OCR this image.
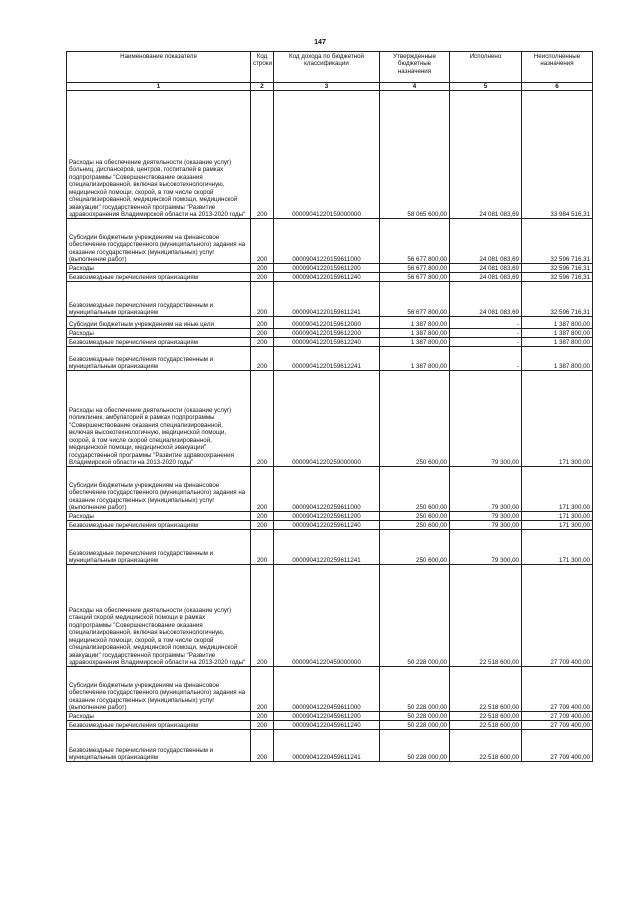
147
Наименование показателя	Код строки	Код дохода по бюджетной классификации	Утвержденные бюджетные назначения	Исполнено	Неисполненные назначения
1	2	3	4	5	6
Расходы на обеспечение деятельности (оказание услуг) больниц, диспансеров, центров, госпиталей в рамках подпрограммы "Совершенствование оказания специализированной, включая высокотехнологичную, медицинской помощи, скорой, в том числе скорой специализированной, медицинской помощи, медицинской эвакуации" государственной программы "Развитие здравоохранения Владимирской области на 2013-2020 годы"	200	00009041220159000000	58 065 600,00	24 081 083,69	33 984 516,31
Субсидии бюджетным учреждениям на финансовое обеспечение государственного (муниципального) задания на оказание государственных (муниципальных) услуг (выполнение работ)	200	00009041220159611000	56 677 800,00	24 081 083,69	32 596 716,31
Расходы	200	00009041220159611200	56 677 800,00	24 081 083,69	32 596 716,31
Безвозмездные перечисления организациям	200	00009041220159611240	56 677 800,00	24 081 083,69	32 596 716,31
Безвозмездные перечисления государственным и муниципальным организациям	200	00009041220159611241	56 677 800,00	24 081 083,69	32 596 716,31
Субсидии бюджетным учреждениям на иные цели	200	00009041220159612000	1 387 800,00	-	1 387 800,00
Расходы	200	00009041220159612200	1 387 800,00	-	1 387 800,00
Безвозмездные перечисления организациям	200	00009041220159612240	1 387 800,00	-	1 387 800,00
Безвозмездные перечисления государственным и муниципальным организациям	200	00009041220159612241	1 387 800,00	-	1 387 800,00
Расходы на обеспечение деятельности (оказание услуг) поликлиник, амбулаторий в рамках подпрограммы "Совершенствование оказания специализированной, включая высокотехнологичную, медицинской помощи, скорой, в том числе скорой специализированной, медицинской помощи, медицинской эвакуации" государственной программы "Развитие здравоохранения Владимирской области на 2013-2020 годы"	200	00009041220259000000	250 600,00	79 300,00	171 300,00
Субсидии бюджетным учреждениям на финансовое обеспечение государственного (муниципального) задания на оказание государственных (муниципальных) услуг (выполнение работ)	200	00009041220259611000	250 600,00	79 300,00	171 300,00
Расходы	200	00009041220259611200	250 600,00	79 300,00	171 300,00
Безвозмездные перечисления организациям	200	00009041220259611240	250 600,00	79 300,00	171 300,00
Безвозмездные перечисления государственным и муниципальным организациям	200	00009041220259611241	250 600,00	79 300,00	171 300,00
Расходы на обеспечение деятельности (оказание услуг) станций скорой медицинской помощи в рамках подпрограммы "Совершенствование оказания специализированной, включая высокотехнологичную, медицинской помощи, скорой, в том числе скорой специализированной, медицинской помощи, медицинской эвакуации" государственной программы "Развитие здравоохранения Владимирской области на 2013-2020 годы"	200	00009041220459000000	50 228 000,00	22 518 600,00	27 709 400,00
Субсидии бюджетным учреждениям на финансовое обеспечение государственного (муниципального) задания на оказание государственных (муниципальных) услуг (выполнение работ)	200	00009041220459611000	50 228 000,00	22 518 600,00	27 709 400,00
Расходы	200	00009041220459611200	50 228 000,00	22 518 600,00	27 709 400,00
Безвозмездные перечисления организациям	200	00009041220459611240	50 228 000,00	22 518 600,00	27 709 400,00
Безвозмездные перечисления государственным и муниципальным организациям	200	00009041220459611241	50 228 000,00	22 518 600,00	27 709 400,00
